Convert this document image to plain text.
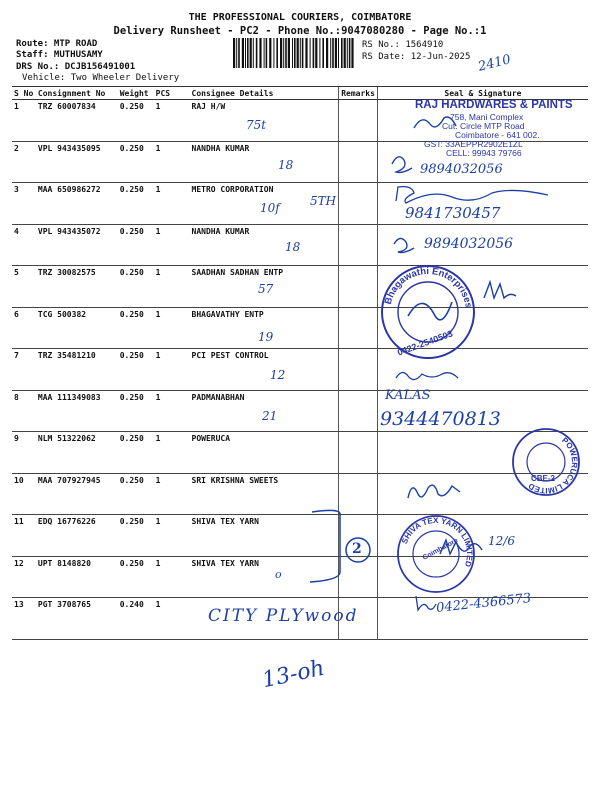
THE PROFESSIONAL COURIERS, COIMBATORE
Delivery Runsheet - PC2 - Phone No.:9047080280 - Page No.:1
Route: MTP ROAD
Staff: MUTHUSAMY
DRS No.: DCJB156491001
Vehicle: Two Wheeler Delivery
RS No.: 1564910
RS Date: 12-Jun-2025 2410
S No	Consignment No	Weight	PCS	Consignee Details	Remarks	Seal & Signature
1	TRZ 60007834	0.250	1	RAJ H/W		
2	VPL 943435095	0.250	1	NANDHA KUMAR		
3	MAA 650986272	0.250	1	METRO CORPORATION		
4	VPL 943435072	0.250	1	NANDHA KUMAR		
5	TRZ 30082575	0.250	1	SAADHAN SADHAN ENTP		
6	TCG 500382	0.250	1	BHAGAVATHY ENTP		
7	TRZ 35481210	0.250	1	PCI PEST CONTROL		
8	MAA 111349083	0.250	1	PADMANABHAN		
9	NLM 51322062	0.250	1	POWERUCA		
10	MAA 707927945	0.250	1	SRI KRISHNA SWEETS		
11	EDQ 16776226	0.250	1	SHIVA TEX YARN		
12	UPT 8148820	0.250	1	SHIVA TEX YARN		
13	PGT 3708765	0.240	1			
75t
18
10f	5TH
18
57
19
12
21
o
CITY PLYwood
13-oh
2
RAJ HARDWARES & PAINTS
758, Mani Complex
Cut. Circle MTP Road
Coimbatore - 641 002.
GST: 33AEPPR2902E1ZL
CELL: 99943 79766
9894032056
9841730457
9894032056
Bhagawathi Enterprises
0422-2540503
KALAS
9344470813
POWERUCA LIMITED
CBE-2
SHIVA TEX YARN LIMITED
Coimbatore 12/6
0422-4366573
